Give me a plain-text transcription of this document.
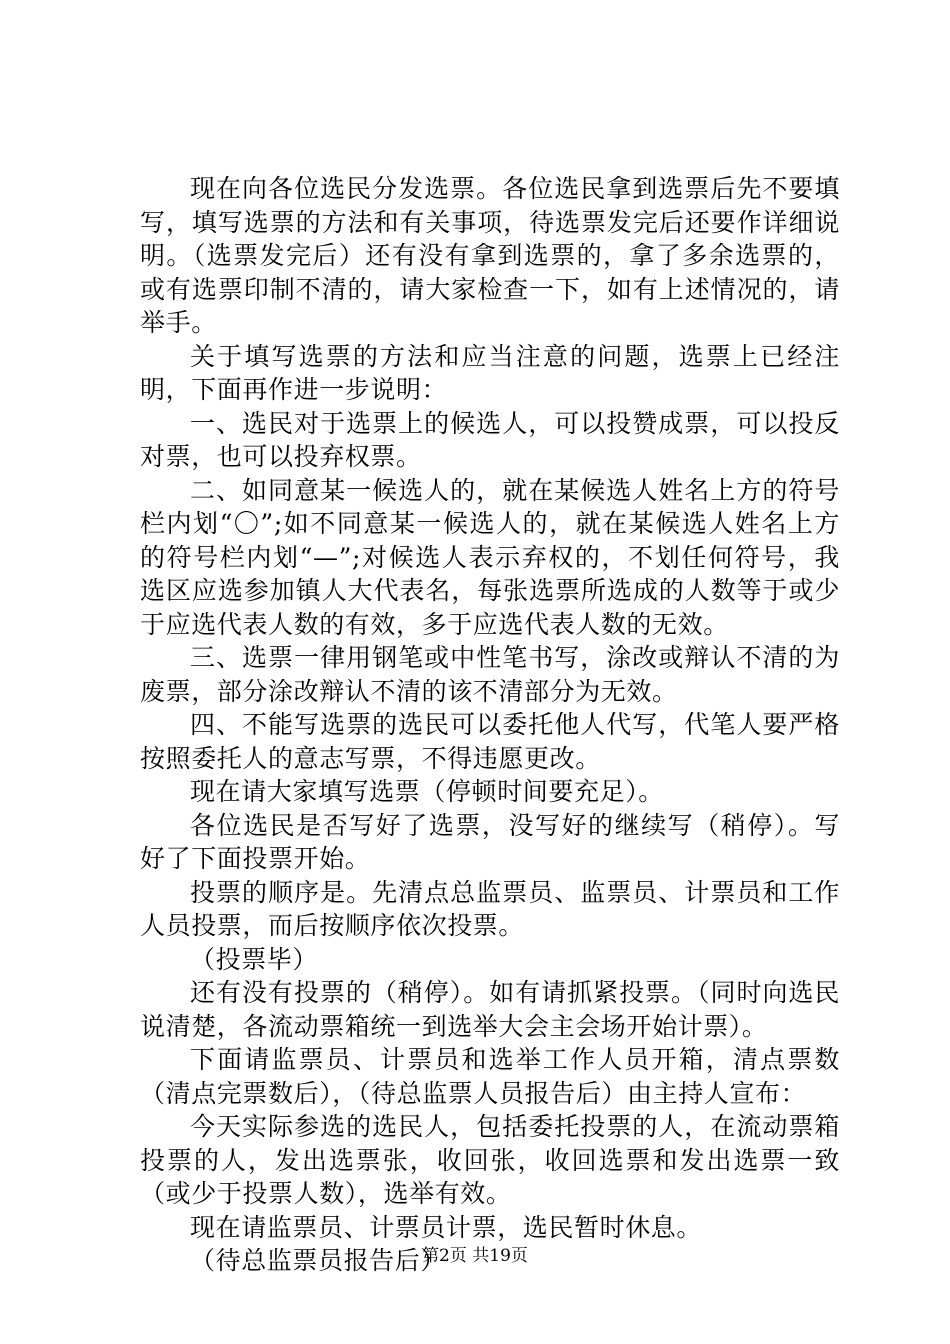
现在向各位选民分发选票。各位选民拿到选票后先不要填写，填写选票的方法和有关事项，待选票发完后还要作详细说明。（选票发完后）还有没有拿到选票的，拿了多余选票的，或有选票印制不清的，请大家检查一下，如有上述情况的，请举手。

关于填写选票的方法和应当注意的问题，选票上已经注明，下面再作进一步说明：

一、选民对于选票上的候选人，可以投赞成票，可以投反对票，也可以投弃权票。

二、如同意某一候选人的，就在某候选人姓名上方的符号栏内划“〇”;如不同意某一候选人的，就在某候选人姓名上方的符号栏内划“—”;对候选人表示弃权的，不划任何符号，我选区应选参加镇人大代表名，每张选票所选成的人数等于或少于应选代表人数的有效，多于应选代表人数的无效。

三、选票一律用钢笔或中性笔书写，涂改或辩认不清的为废票，部分涂改辩认不清的该不清部分为无效。

四、不能写选票的选民可以委托他人代写，代笔人要严格按照委托人的意志写票，不得违愿更改。

现在请大家填写选票（停顿时间要充足）。

各位选民是否写好了选票，没写好的继续写（稍停）。写好了下面投票开始。

投票的顺序是。先清点总监票员、监票员、计票员和工作人员投票，而后按顺序依次投票。

（投票毕）

还有没有投票的（稍停）。如有请抓紧投票。（同时向选民说清楚，各流动票箱统一到选举大会主会场开始计票）。

下面请监票员、计票员和选举工作人员开箱，清点票数（清点完票数后），（待总监票人员报告后）由主持人宣布：

今天实际参选的选民人，包括委托投票的人，在流动票箱投票的人，发出选票张，收回张，收回选票和发出选票一致（或少于投票人数），选举有效。

现在请监票员、计票员计票，选民暂时休息。

（待总监票员报告后）

第2页 共19页
